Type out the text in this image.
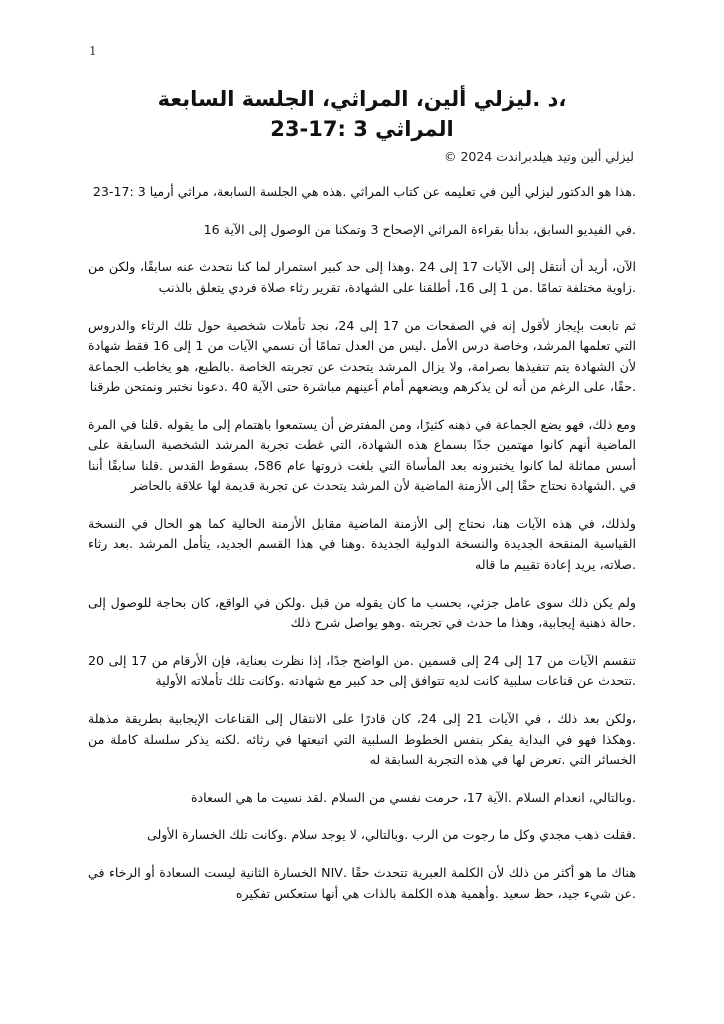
1

،د .ليزلي ألين، المراثي، الجلسة السابعة

المراثي 3 :17-23

ليزلي ألين وتيد هيلدبراندت 2024 ©

.هذا هو الدكتور ليزلي ألين في تعليمه عن كتاب المراثي .هذه هي الجلسة السابعة، مراثي أرميا 3 :17-23

.في الفيديو السابق، بدأنا بقراءة المراثي الإصحاح 3 وتمكنا من الوصول إلى الآية 16

الآن، أريد أن أنتقل إلى الآيات 17 إلى 24 .وهذا إلى حد كبير استمرار لما كنا نتحدث عنه سابقًا، ولكن من .زاوية مختلفة تمامًا .من 1 إلى 16، أطلقنا على الشهادة، تقرير رثاء صلاة فردي يتعلق بالذنب

ثم تابعت بإيجاز لأقول إنه في الصفحات من 17 إلى 24، نجد تأملات شخصية حول تلك الرثاء والدروس التي تعلمها المرشد، وخاصة درس الأمل .ليس من العدل تمامًا أن نسمي الآيات من 1 إلى 16 فقط شهادة لأن الشهادة يتم تنفيذها بصرامة، ولا يزال المرشد يتحدث عن تجربته الخاصة .بالطبع، هو يخاطب الجماعة .حقًا، على الرغم من أنه لن يذكرهم ويضعهم أمام أعينهم مباشرة حتى الآية 40 .دعونا نختبر ونمتحن طرقنا

ومع ذلك، فهو يضع الجماعة في ذهنه كثيرًا، ومن المفترض أن يستمعوا باهتمام إلى ما يقوله .قلنا في المرة الماضية أنهم كانوا مهتمين جدًا بسماع هذه الشهادة، التي غطت تجربة المرشد الشخصية السابقة على أسس مماثلة لما كانوا يختبرونه بعد المأساة التي بلغت ذروتها عام 586، بسقوط القدس .قلنا سابقًا أننا في .الشهادة نحتاج حقًا إلى الأزمنة الماضية لأن المرشد يتحدث عن تجربة قديمة لها علاقة بالحاضر

ولذلك، في هذه الآيات هنا، نحتاج إلى الأزمنة الماضية مقابل الأزمنة الحالية كما هو الحال في النسخة القياسية المنقحة الجديدة والنسخة الدولية الجديدة .وهنا في هذا القسم الجديد، يتأمل المرشد .بعد رثاء .صلاته، يريد إعادة تقييم ما قاله

ولم يكن ذلك سوى عامل جزئي، بحسب ما كان يقوله من قبل .ولكن في الواقع، كان بحاجة للوصول إلى .حالة ذهنية إيجابية، وهذا ما حدث في تجربته .وهو يواصل شرح ذلك

تنقسم الآيات من 17 إلى 24 إلى قسمين .من الواضح جدًا، إذا نظرت بعناية، فإن الأرقام من 17 إلى 20 .تتحدث عن قناعات سلبية كانت لديه تتوافق إلى حد كبير مع شهادته .وكانت تلك تأملاته الأولية

،ولكن بعد ذلك ، في الآيات 21 إلى 24، كان قادرًا على الانتقال إلى القناعات الإيجابية بطريقة مذهلة .وهكذا فهو في البداية يفكر بنفس الخطوط السلبية التي اتبعتها في رثائه .لكنه يذكر سلسلة كاملة من الخسائر التي .تعرض لها في هذه التجربة السابقة له

.وبالتالي، انعدام السلام .الآية 17، حرمت نفسي من السلام .لقد نسيت ما هي السعادة

.فقلت ذهب مجدي وكل ما رجوت من الرب .وبالتالي، لا يوجد سلام .وكانت تلك الخسارة الأولى

هناك ما هو أكثر من ذلك لأن الكلمة العبرية تتحدث حقًا .NIV الخسارة الثانية ليست السعادة أو الرخاء في .عن شيء جيد، حظ سعيد .وأهمية هذه الكلمة بالذات هي أنها ستعكس تفكيره
